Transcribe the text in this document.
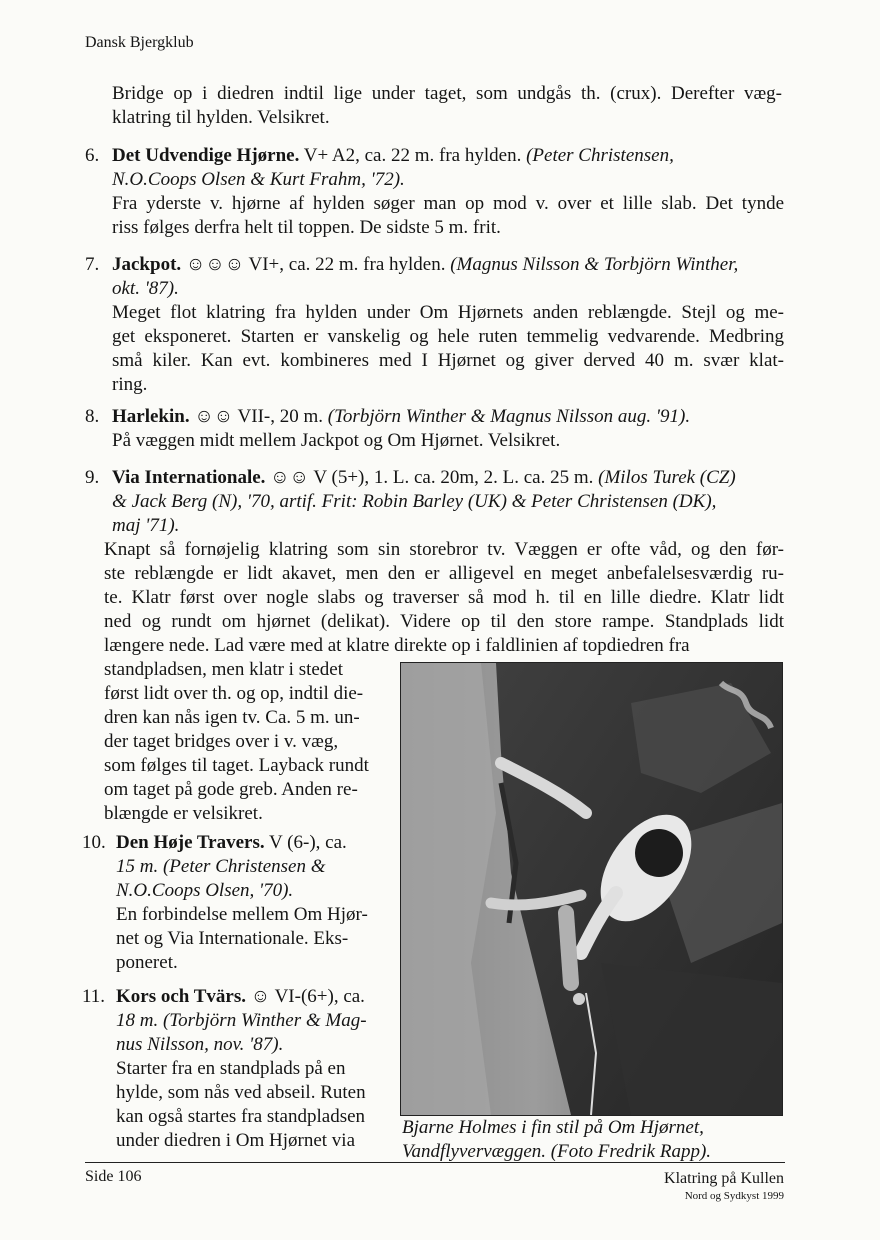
Dansk Bjergklub
Bridge op i diedren indtil lige under taget, som undgås th. (crux). Derefter væg-
klatring til hylden. Velsikret.
6. Det Udvendige Hjørne. V+ A2, ca. 22 m. fra hylden. (Peter Christensen,
N.O.Coops Olsen & Kurt Frahm, '72).
Fra yderste v. hjørne af hylden søger man op mod v. over et lille slab. Det tynde
riss følges derfra helt til toppen. De sidste 5 m. frit.
7. Jackpot. ☺☺☺ VI+, ca. 22 m. fra hylden. (Magnus Nilsson & Torbjörn Winther,
okt. '87).
Meget flot klatring fra hylden under Om Hjørnets anden reblængde. Stejl og me-
get eksponeret. Starten er vanskelig og hele ruten temmelig vedvarende. Medbring
små kiler. Kan evt. kombineres med I Hjørnet og giver derved 40 m. svær klat-
ring.
8. Harlekin. ☺☺ VII-, 20 m. (Torbjörn Winther & Magnus Nilsson aug. '91).
På væggen midt mellem Jackpot og Om Hjørnet. Velsikret.
9. Via Internationale. ☺☺ V (5+), 1. L. ca. 20m, 2. L. ca. 25 m. (Milos Turek (CZ)
& Jack Berg (N), '70, artif. Frit: Robin Barley (UK) & Peter Christensen (DK),
maj '71).
Knapt så fornøjelig klatring som sin storebror tv. Væggen er ofte våd, og den før-
ste reblængde er lidt akavet, men den er alligevel en meget anbefalelsesværdig ru-
te. Klatr først over nogle slabs og traverser så mod h. til en lille diedre. Klatr lidt
ned og rundt om hjørnet (delikat). Videre op til den store rampe. Standplads lidt
længere nede. Lad være med at klatre direkte op i faldlinien af topdiedren fra
standpladsen, men klatr i stedet
først lidt over th. og op, indtil die-
dren kan nås igen tv. Ca. 5 m. un-
der taget bridges over i v. væg,
som følges til taget. Layback rundt
om taget på gode greb. Anden re-
blængde er velsikret.
10. Den Høje Travers. V (6-), ca.
15 m. (Peter Christensen &
N.O.Coops Olsen, '70).
En forbindelse mellem Om Hjør-
net og Via Internationale. Eks-
poneret.
11. Kors och Tvärs. ☺ VI-(6+), ca.
18 m. (Torbjörn Winther & Mag-
nus Nilsson, nov. '87).
Starter fra en standplads på en
hylde, som nås ved abseil. Ruten
kan også startes fra standpladsen
under diedren i Om Hjørnet via
Bjarne Holmes i fin stil på Om Hjørnet,
Vandflyvervæggen. (Foto Fredrik Rapp).
Side 106	Klatring på Kullen
Nord og Sydkyst 1999
